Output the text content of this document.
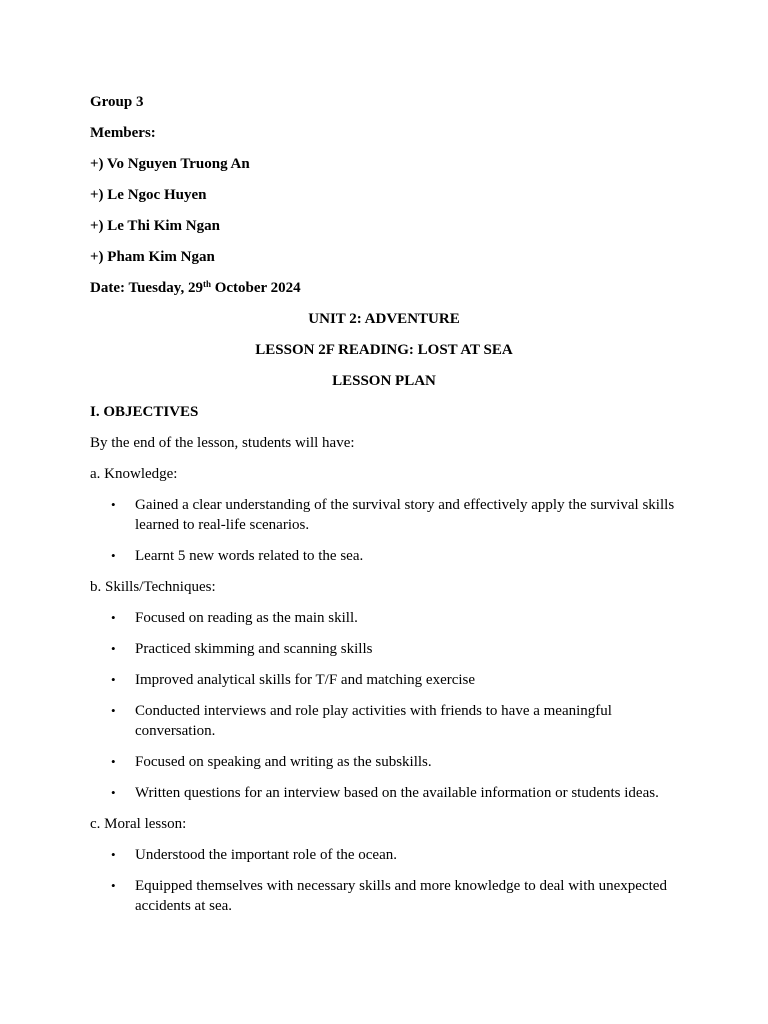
Group 3
Members:
+) Vo Nguyen Truong An
+) Le Ngoc Huyen
+) Le Thi Kim Ngan
+) Pham Kim Ngan
Date: Tuesday, 29th October 2024
UNIT 2: ADVENTURE
LESSON 2F READING: LOST AT SEA
LESSON PLAN
I. OBJECTIVES
By the end of the lesson, students will have:
a. Knowledge:
• Gained a clear understanding of the survival story and effectively apply the survival skills learned to real-life scenarios.
• Learnt 5 new words related to the sea.
b. Skills/Techniques:
• Focused on reading as the main skill.
• Practiced skimming and scanning skills
• Improved analytical skills for T/F and matching exercise
• Conducted interviews and role play activities with friends to have a meaningful conversation.
• Focused on speaking and writing as the subskills.
• Written questions for an interview based on the available information or students ideas.
c. Moral lesson:
• Understood the important role of the ocean.
• Equipped themselves with necessary skills and more knowledge to deal with unexpected accidents at sea.
